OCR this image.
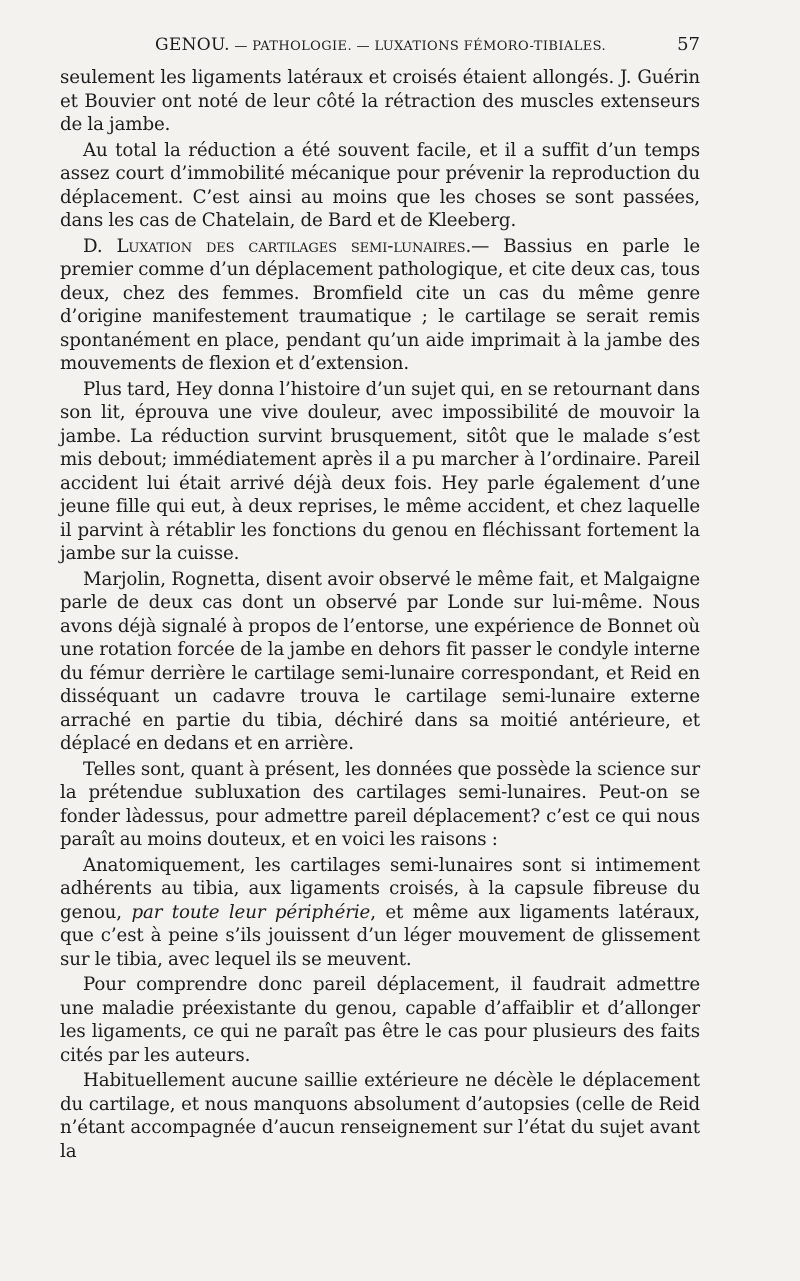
GENOU. — PATHOLOGIE. — LUXATIONS FÉMORO-TIBIALES.	57

seulement les ligaments latéraux et croisés étaient allongés. J. Guérin et Bouvier ont noté de leur côté la rétraction des muscles extenseurs de la jambe.

Au total la réduction a été souvent facile, et il a suffit d’un temps assez court d’immobilité mécanique pour prévenir la reproduction du déplacement. C’est ainsi au moins que les choses se sont passées, dans les cas de Chatelain, de Bard et de Kleeberg.

D. Luxation des cartilages semi-lunaires.— Bassius en parle le premier comme d’un déplacement pathologique, et cite deux cas, tous deux, chez des femmes. Bromfield cite un cas du même genre d’origine manifestement traumatique ; le cartilage se serait remis spontanément en place, pendant qu’un aide imprimait à la jambe des mouvements de flexion et d’extension.

Plus tard, Hey donna l’histoire d’un sujet qui, en se retournant dans son lit, éprouva une vive douleur, avec impossibilité de mouvoir la jambe. La réduction survint brusquement, sitôt que le malade s’est mis debout; immédiatement après il a pu marcher à l’ordinaire. Pareil accident lui était arrivé déjà deux fois. Hey parle également d’une jeune fille qui eut, à deux reprises, le même accident, et chez laquelle il parvint à rétablir les fonctions du genou en fléchissant fortement la jambe sur la cuisse.

Marjolin, Rognetta, disent avoir observé le même fait, et Malgaigne parle de deux cas dont un observé par Londe sur lui-même. Nous avons déjà signalé à propos de l’entorse, une expérience de Bonnet où une rotation forcée de la jambe en dehors fit passer le condyle interne du fémur derrière le cartilage semi-lunaire correspondant, et Reid en disséquant un cadavre trouva le cartilage semi-lunaire externe arraché en partie du tibia, déchiré dans sa moitié antérieure, et déplacé en dedans et en arrière.

Telles sont, quant à présent, les données que possède la science sur la prétendue subluxation des cartilages semi-lunaires. Peut-on se fonder làdessus, pour admettre pareil déplacement? c’est ce qui nous paraît au moins douteux, et en voici les raisons :

Anatomiquement, les cartilages semi-lunaires sont si intimement adhérents au tibia, aux ligaments croisés, à la capsule fibreuse du genou, par toute leur périphérie, et même aux ligaments latéraux, que c’est à peine s’ils jouissent d’un léger mouvement de glissement sur le tibia, avec lequel ils se meuvent.

Pour comprendre donc pareil déplacement, il faudrait admettre une maladie préexistante du genou, capable d’affaiblir et d’allonger les ligaments, ce qui ne paraît pas être le cas pour plusieurs des faits cités par les auteurs.

Habituellement aucune saillie extérieure ne décèle le déplacement du cartilage, et nous manquons absolument d’autopsies (celle de Reid n’étant accompagnée d’aucun renseignement sur l’état du sujet avant la
